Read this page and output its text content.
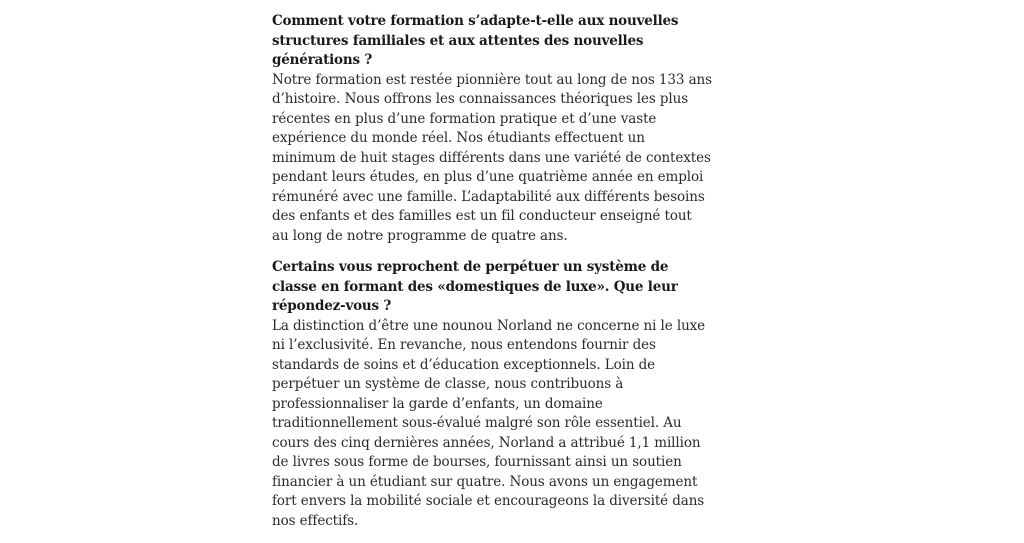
Comment votre formation s’adapte-t-elle aux nouvelles structures familiales et aux attentes des nouvelles générations ?

Notre formation est restée pionnière tout au long de nos 133 ans d’histoire. Nous offrons les connaissances théoriques les plus récentes en plus d’une formation pratique et d’une vaste expérience du monde réel. Nos étudiants effectuent un minimum de huit stages différents dans une variété de contextes pendant leurs études, en plus d’une quatrième année en emploi rémunéré avec une famille. L’adaptabilité aux différents besoins des enfants et des familles est un fil conducteur enseigné tout au long de notre programme de quatre ans.

Certains vous reprochent de perpétuer un système de classe en formant des «domestiques de luxe». Que leur répondez-vous ?

La distinction d’être une nounou Norland ne concerne ni le luxe ni l’exclusivité. En revanche, nous entendons fournir des standards de soins et d’éducation exceptionnels. Loin de perpétuer un système de classe, nous contribuons à professionnaliser la garde d’enfants, un domaine traditionnellement sous-évalué malgré son rôle essentiel. Au cours des cinq dernières années, Norland a attribué 1,1 million de livres sous forme de bourses, fournissant ainsi un soutien financier à un étudiant sur quatre. Nous avons un engagement fort envers la mobilité sociale et encourageons la diversité dans nos effectifs.
